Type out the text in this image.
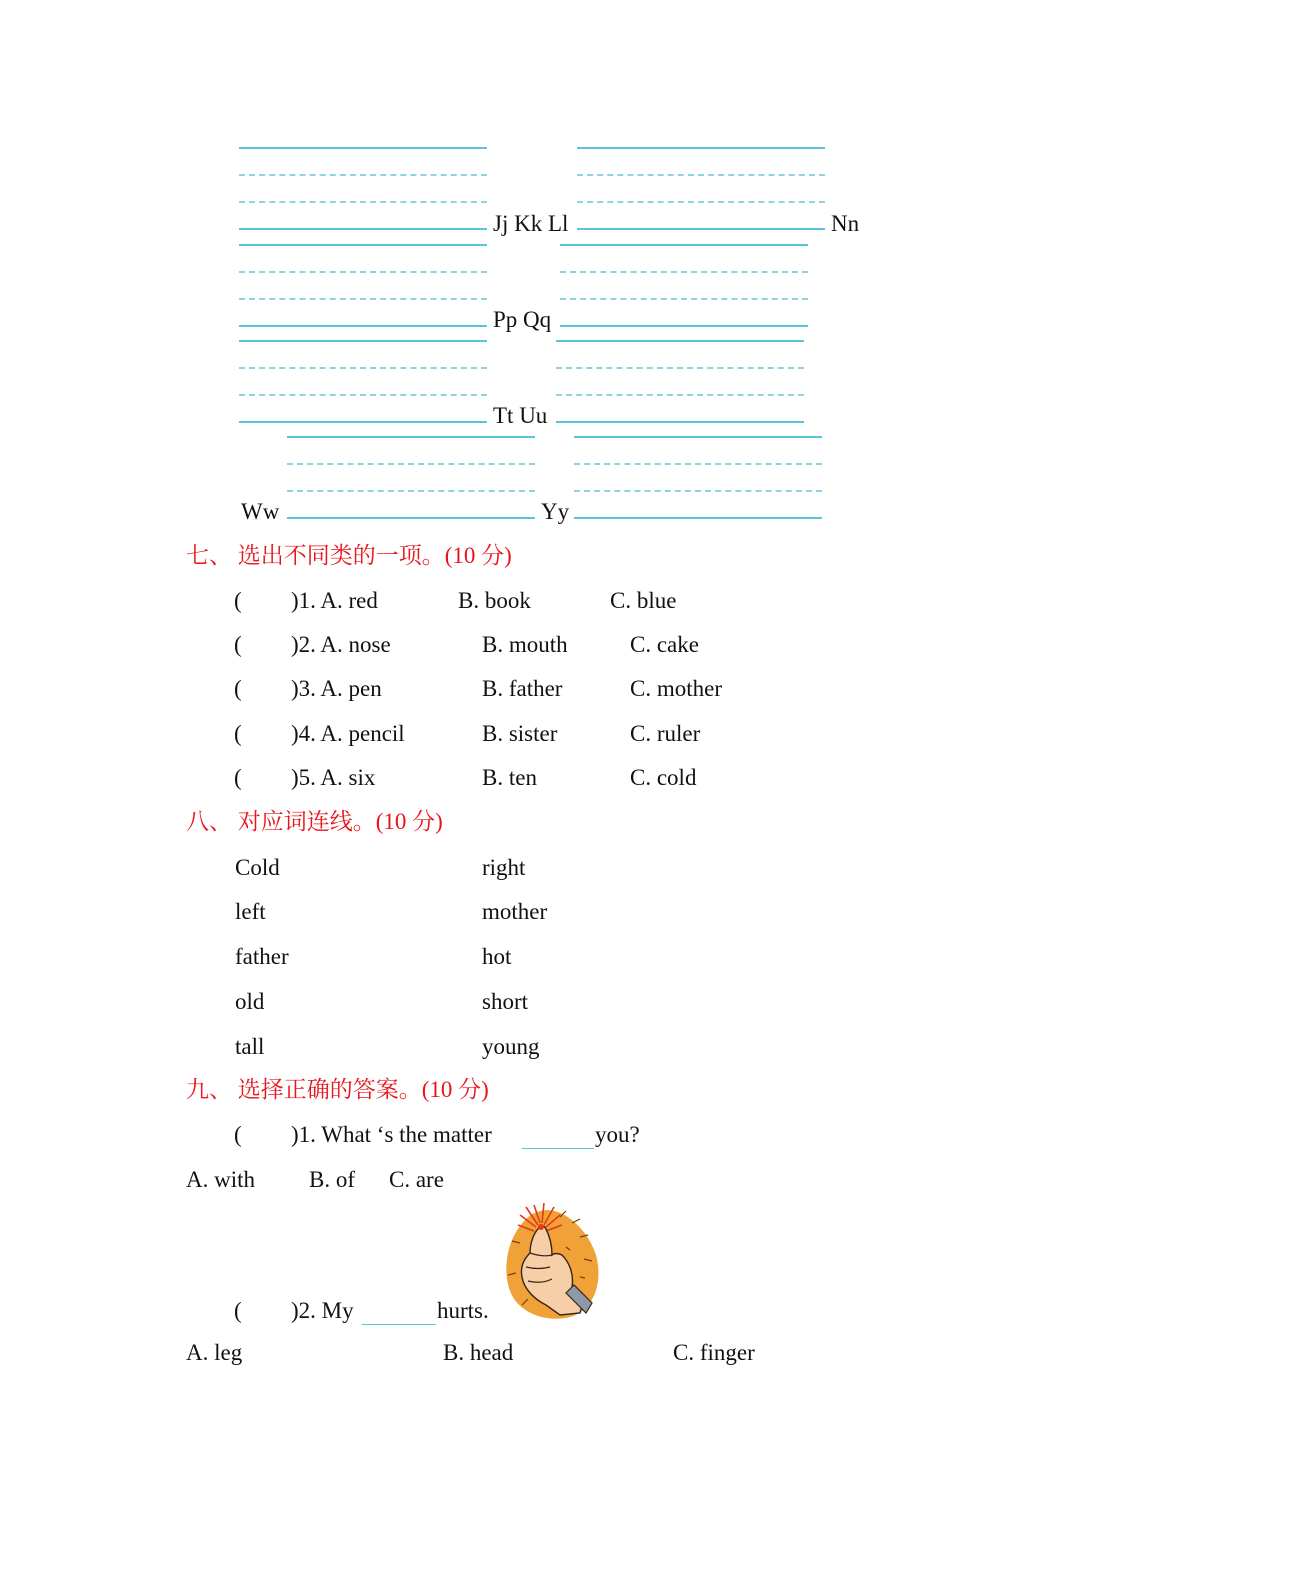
Jj Kk Ll	Nn
Pp Qq
Tt Uu
Ww	Yy
七、 选出不同类的一项。(10 分)
( )1. A. red	B. book	C. blue
( )2. A. nose	B. mouth	C. cake
( )3. A. pen	B. father	C. mother
( )4. A. pencil	B. sister	C. ruler
( )5. A. six	B. ten	C. cold
八、 对应词连线。(10 分)
Cold	right
left	mother
father	hot
old	short
tall	young
九、 选择正确的答案。(10 分)
( )1. What ‘s the matter	you?
A. with B. of C. are
( )2. My	hurts.
A. leg	B. head	C. finger
